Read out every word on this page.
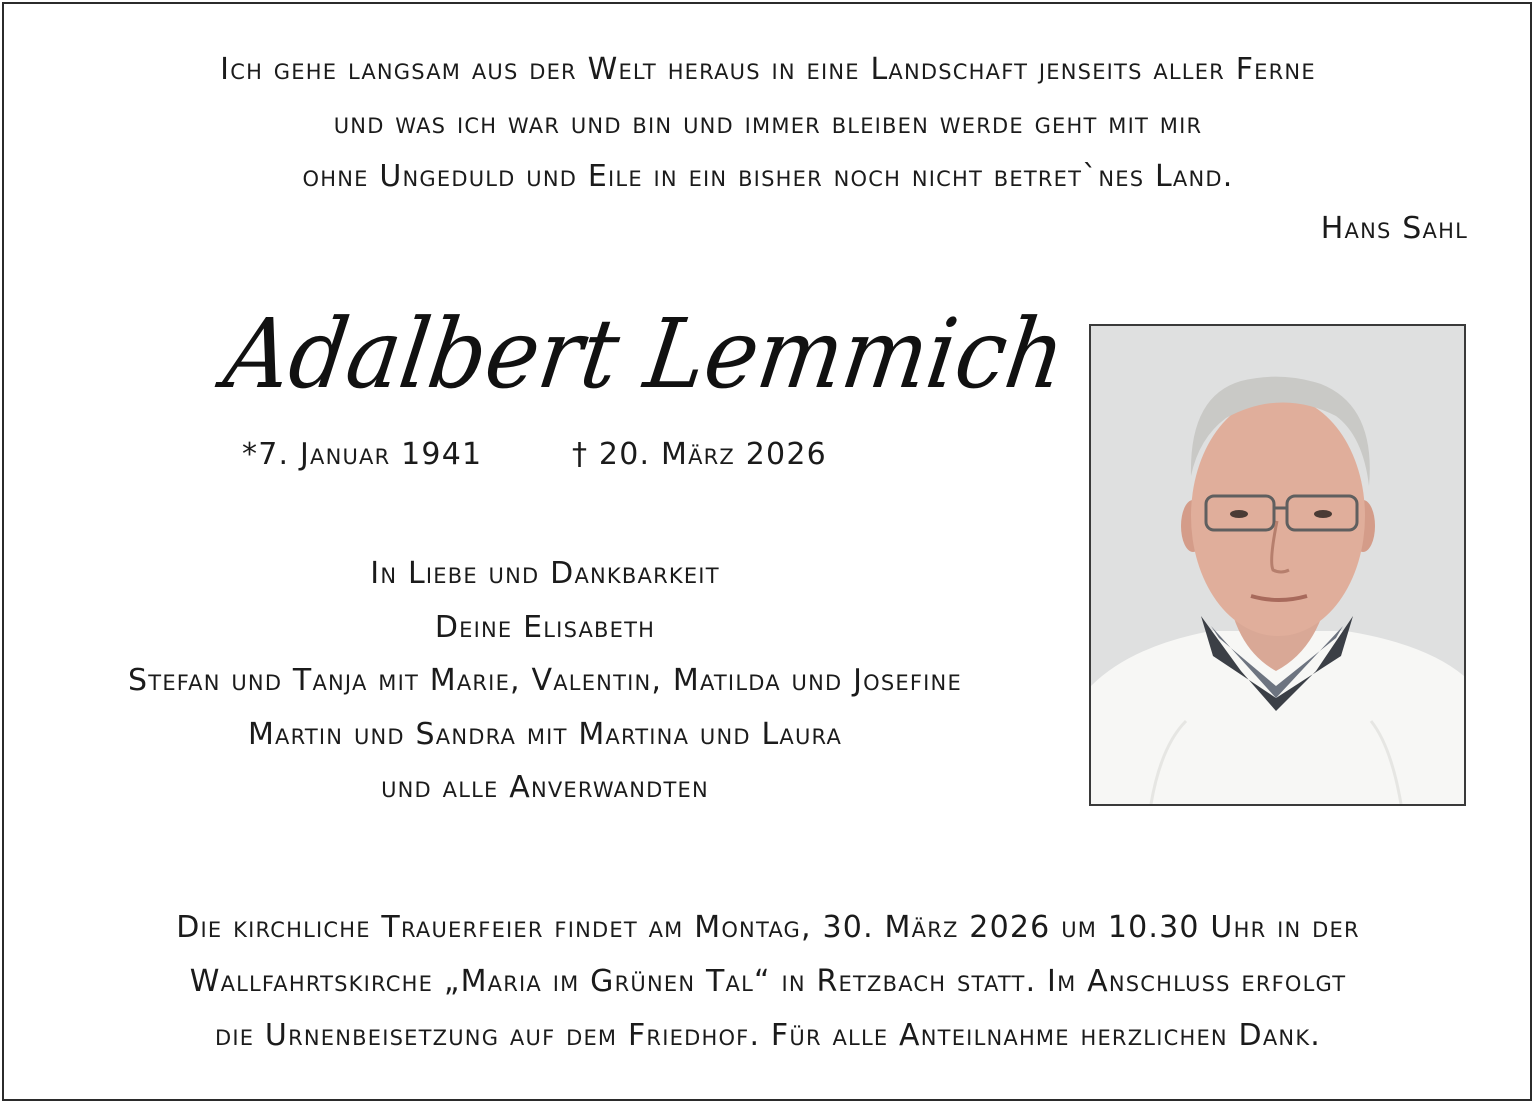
Ich gehe langsam aus der Welt heraus in eine Landschaft jenseits aller Ferne
und was ich war und bin und immer bleiben werde geht mit mir
ohne Ungeduld und Eile in ein bisher noch nicht betret`nes Land.
Hans Sahl
Adalbert Lemmich
*7. Januar 1941	† 20. März 2026
In Liebe und Dankbarkeit
Deine Elisabeth
Stefan und Tanja mit Marie, Valentin, Matilda und Josefine
Martin und Sandra mit Martina und Laura
und alle Anverwandten
Die kirchliche Trauerfeier findet am Montag, 30. März 2026 um 10.30 Uhr in der
Wallfahrtskirche „Maria im Grünen Tal“ in Retzbach statt. Im Anschluss erfolgt
die Urnenbeisetzung auf dem Friedhof. Für alle Anteilnahme herzlichen Dank.
